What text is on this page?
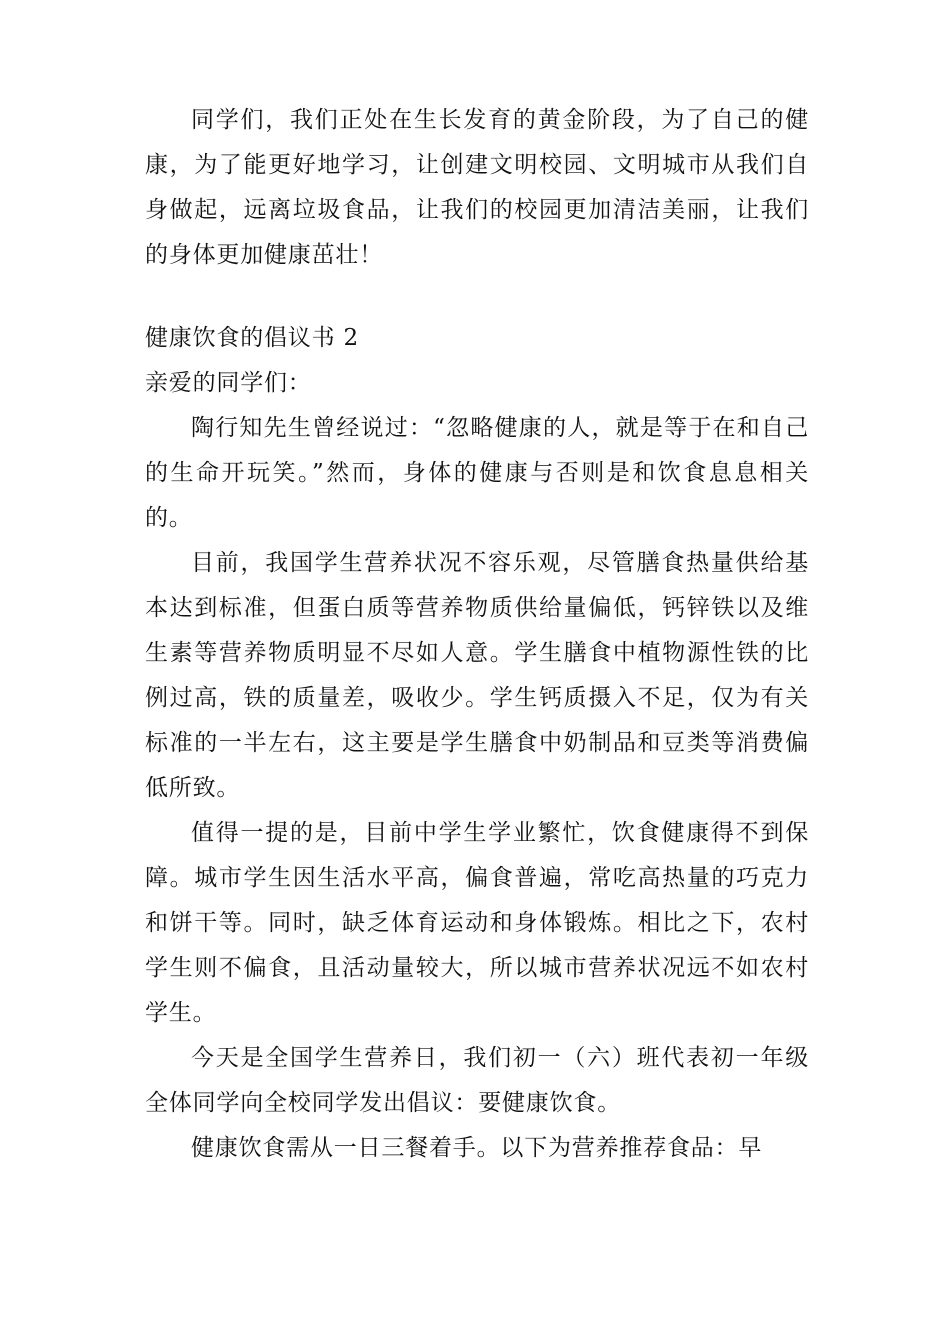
同学们，我们正处在生长发育的黄金阶段，为了自己的健康，为了能更好地学习，让创建文明校园、文明城市从我们自身做起，远离垃圾食品，让我们的校园更加清洁美丽，让我们的身体更加健康茁壮！

健康饮食的倡议书 2

亲爱的同学们：

陶行知先生曾经说过：“忽略健康的人，就是等于在和自己的生命开玩笑。”然而，身体的健康与否则是和饮食息息相关的。

目前，我国学生营养状况不容乐观，尽管膳食热量供给基本达到标准，但蛋白质等营养物质供给量偏低，钙锌铁以及维生素等营养物质明显不尽如人意。学生膳食中植物源性铁的比例过高，铁的质量差，吸收少。学生钙质摄入不足，仅为有关标准的一半左右，这主要是学生膳食中奶制品和豆类等消费偏低所致。

值得一提的是，目前中学生学业繁忙，饮食健康得不到保障。城市学生因生活水平高，偏食普遍，常吃高热量的巧克力和饼干等。同时，缺乏体育运动和身体锻炼。相比之下，农村学生则不偏食，且活动量较大，所以城市营养状况远不如农村学生。

今天是全国学生营养日，我们初一（六）班代表初一年级全体同学向全校同学发出倡议：要健康饮食。

健康饮食需从一日三餐着手。以下为营养推荐食品：早
